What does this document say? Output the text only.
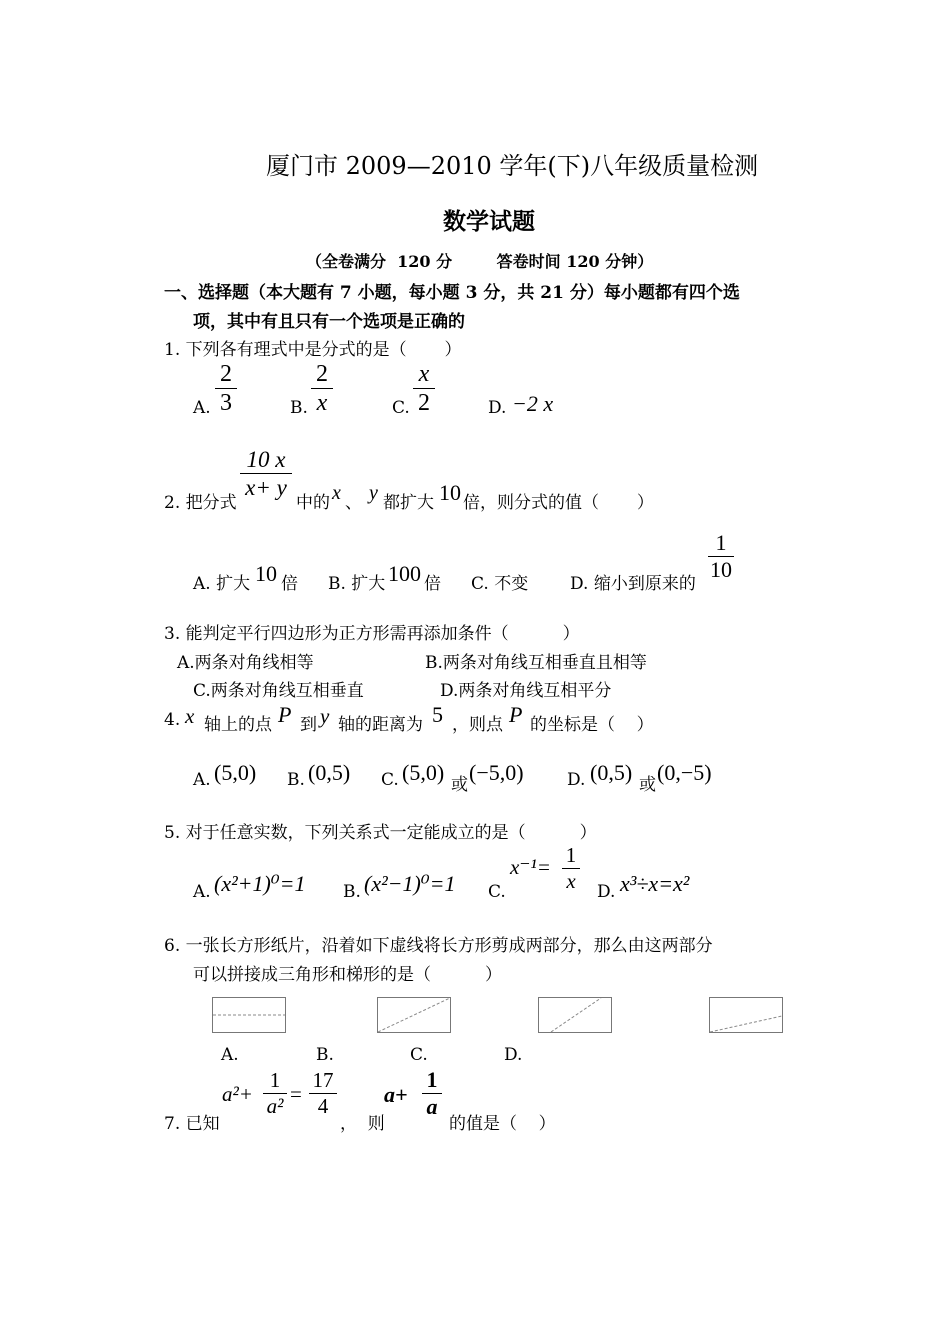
厦门市 2009—2010 学年(下)八年级质量检测
数学试题
（全卷满分  120 分        答卷时间 120 分钟）
一、选择题（本大题有 7 小题，每小题 3 分，共 21 分）每小题都有四个选
项，其中有且只有一个选项是正确的
1. 下列各有理式中是分式的是（       ）
A.
2
3	B.
2
x	C.
x
2	D. −2 x
2. 把分式
10 x
x+ y
中的 x 、 y 都扩大 10 倍，则分式的值（       ）
A. 扩大 10 倍 B. 扩大 100 倍 C. 不变 D. 缩小到原来的
1
10
3. 能判定平行四边形为正方形需再添加条件（          ）
A.两条对角线相等	B.两条对角线互相垂直且相等
C.两条对角线互相垂直	D.两条对角线互相平分
4. x 轴上的点 P 到 y 轴的距离为 5 ，则点 P 的坐标是（    ）
A. (5,0) B. (0,5) C. (5,0) 或 (−5,0)	D. (0,5) 或 (0,−5)
5. 对于任意实数，下列关系式一定能成立的是（          ）
A. (x²+1)⁰=1 B. (x²−1)⁰=1 C.
x⁻¹= 1
x D. x³÷x=x²
6. 一张长方形纸片，沿着如下虚线将长方形剪成两部分，那么由这两部分
可以拼接成三角形和梯形的是（          ）
A.	B.	C.	D.
7. 已知
a²+
1
a² =
17
4
，  则
a+
1
a
的值是（    ）
